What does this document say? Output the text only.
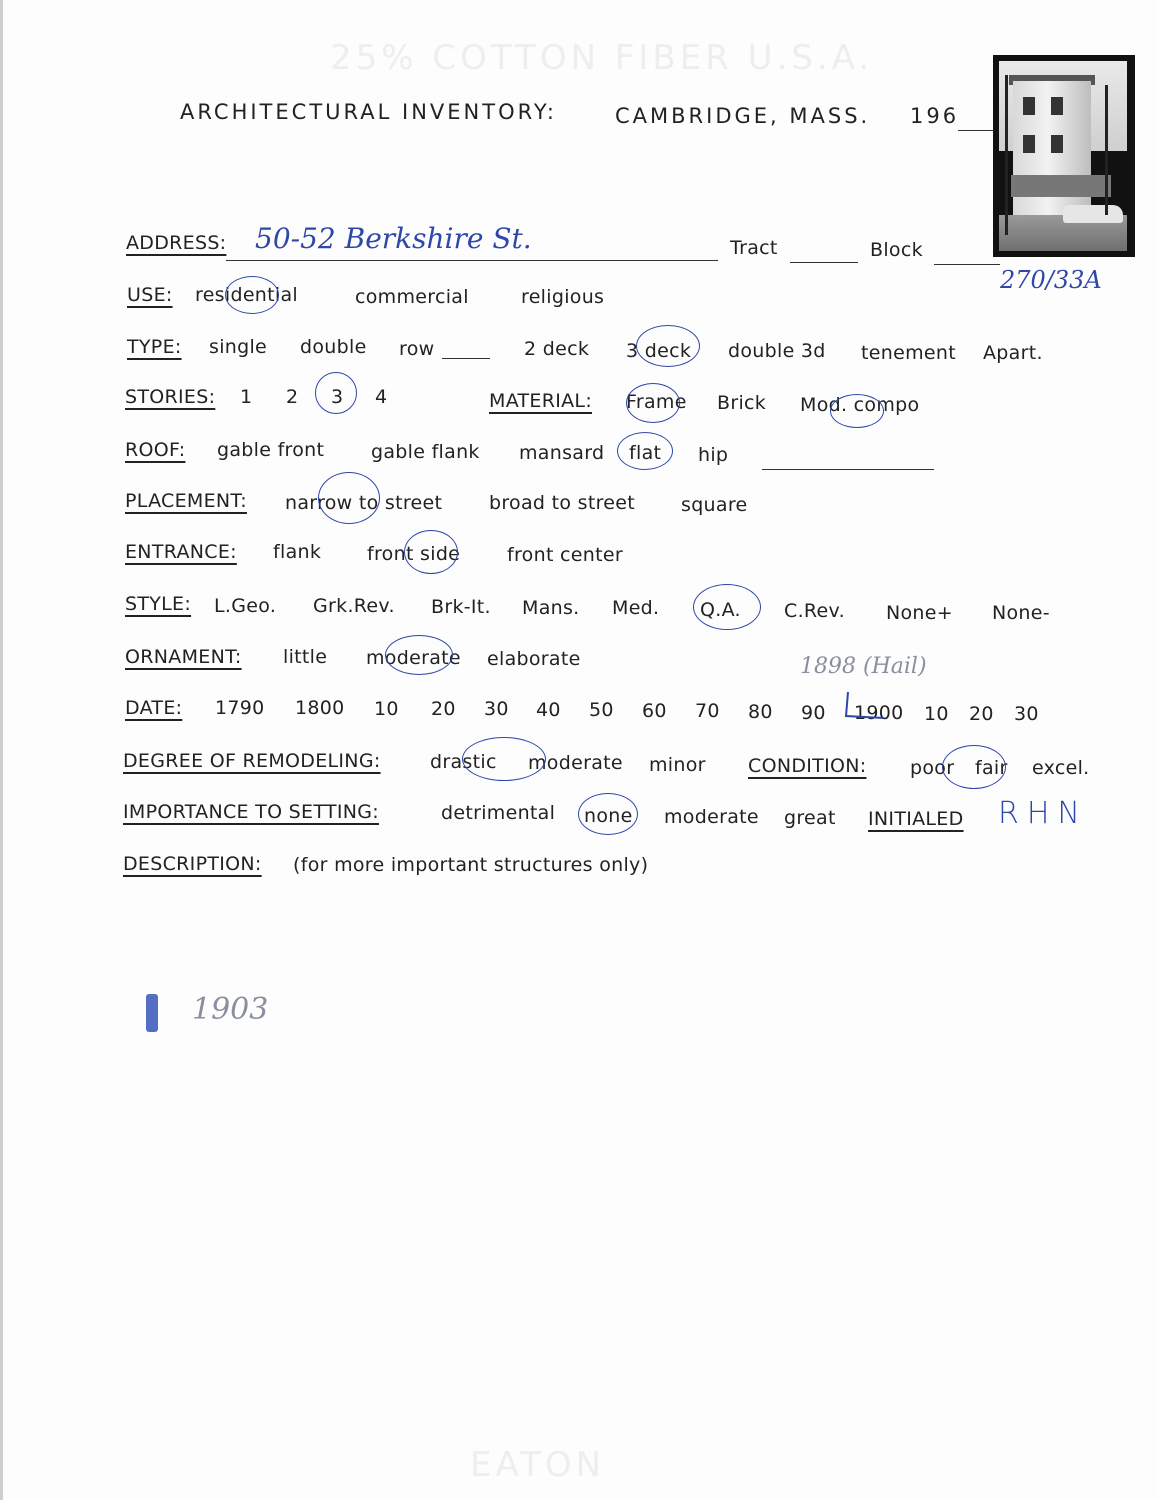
25% COTTON FIBER U.S.A.
EATON
ARCHITECTURAL INVENTORY:	CAMBRIDGE, MASS. 196
ADDRESS: 50-52 Berkshire St.	Tract	Block
270/33A
USE: residential	commercial	religious
TYPE: single double row	2 deck 3 deck double 3d tenement Apart.
STORIES: 1 2 3 4	MATERIAL: Frame Brick Mod. compo
ROOF: gable front gable flank mansard flat hip
PLACEMENT: narrow to street broad to street square
ENTRANCE: flank front side front center
STYLE: L.Geo. Grk.Rev. Brk-It. Mans. Med. Q.A. C.Rev. None+ None-
ORNAMENT: little moderate elaborate	1898 (Hail)
DATE: 1790 1800 10 20 30 40 50 60 70 80 90 1900 10 20 30
DEGREE OF REMODELING:	drastic moderate minor CONDITION: poor fair excel.
IMPORTANCE TO SETTING:	detrimental none moderate great INITIALED RHN
DESCRIPTION: (for more important structures only)
1903
